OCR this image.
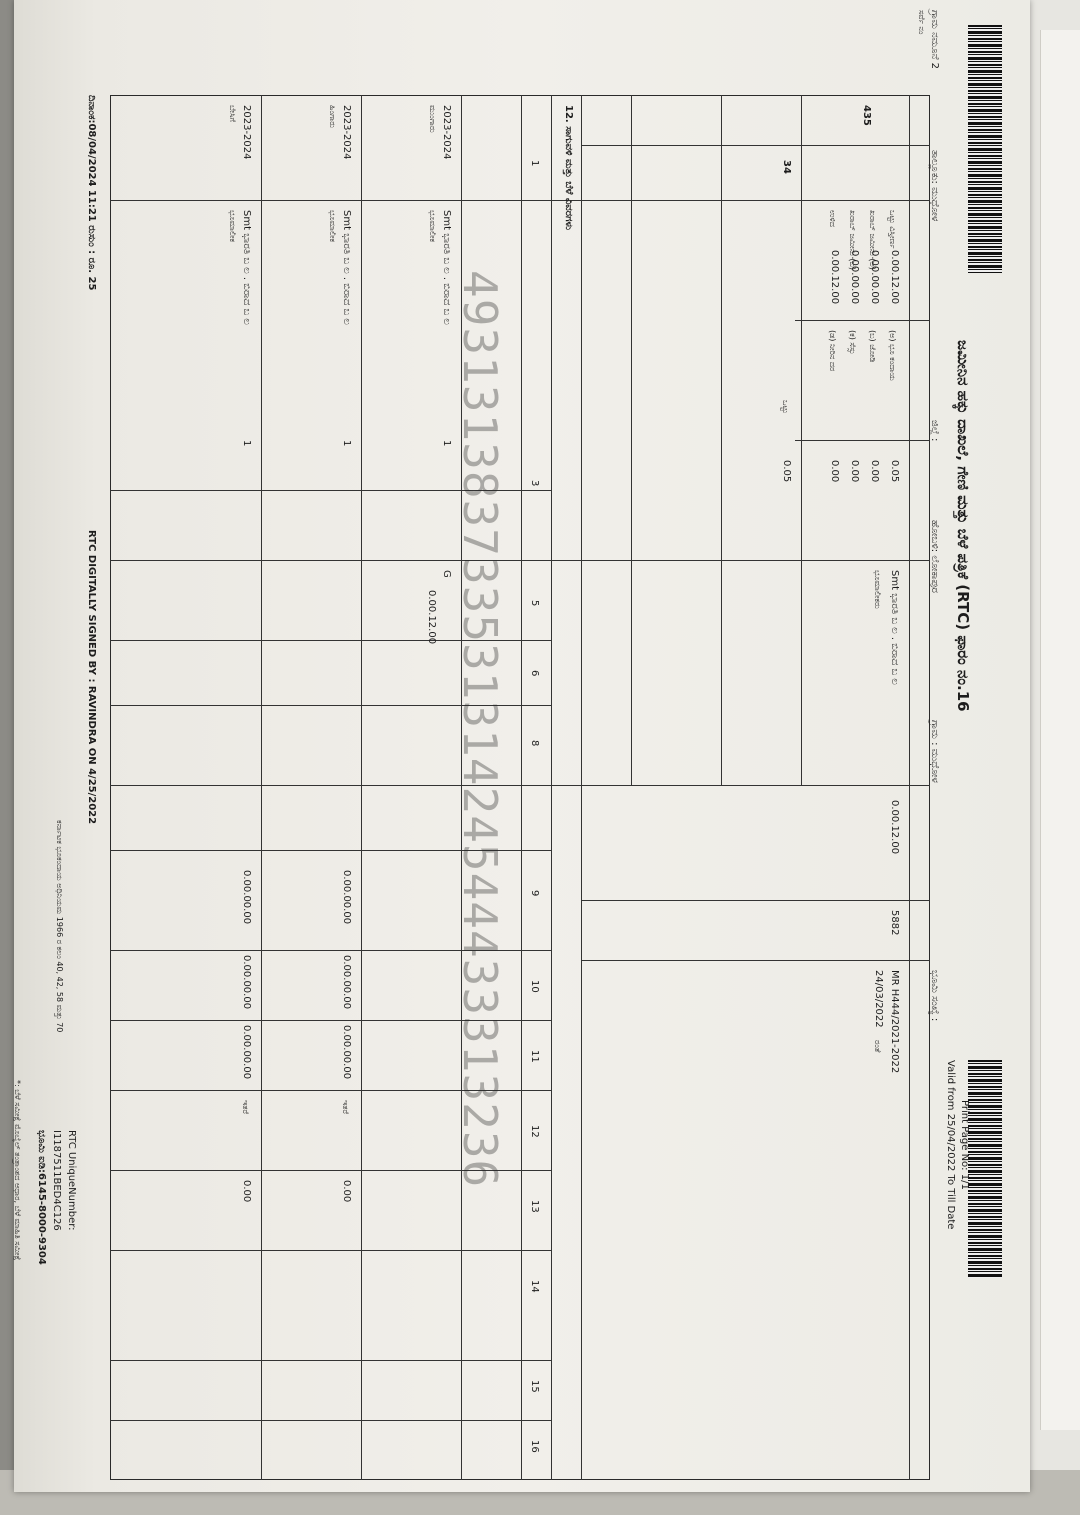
ಗ್ರಾಮ ನಮೂನೆ 2
ಸರ್ವೆ ನಂ
ತಾಲ್ಲೂಕು: ಮುಧೋಳ
ಜಿಲ್ಲೆ :
ಹೋಬಳಿ: ಲೋಕಾಪುರ
ಗ್ರಾಮ : ಮುಧೋಳ
ಜಮೀನಿನ ಹಕ್ಕು ದಾಖಲೆ, ಗೇಣಿ ಮತ್ತು ಬೆಳೆ ಪತ್ರಿಕೆ (RTC) ಫಾರಂ ನಂ.16
Print Page No: 1/1
Valid from 25/04/2022 To Till Date
ಭೂಮಿ ಸಂಖ್ಯೆ :
435
34
ಒಟ್ಟು ವಿಸ್ತೀರ್ಣ
ಖರಾಬ್ ಜಮೀನು (ಅ)
ಖರಾಬ್ ಜಮೀನು (ಬ)
ಉಳಿದ
0.00.12.00
0.00.00.00
0.00.00.00
0.00.12.00
(ಅ) ಭೂ ಕಂದಾಯ
(ಬ) ಜೋಡಿ
(ಕ) ಸೆಸ್ಸು
(ಡ) ನೀರಿನ ದರ
0.05
0.00
0.00
0.00
ಒಟ್ಟು
0.05
Smt ಭಾರತಿ ಬ ಲ . ಬಿರಾದ ಬ ಲ
ಭೂಮಾಲೀಕರು
0.00.12.00
5882
MR H444/2021-2022
24/03/2022
ರಂತೆ
12. ಸಾಗುವಳಿ ಮತ್ತು ಬೆಳೆ ವಿವರಗಳು
1
3
5
6
8
9
10
11
12
13
14
15
16
2023-2024
ಮುಂಗಾರು
Smt ಭಾರತಿ ಬ ಲ . ಬಿರಾದ ಬ ಲ
ಭೂಮಾಲೀಕ
1
G
0.00.12.00
2023-2024
ಹಿಂಗಾರು
Smt ಭಾರತಿ ಬ ಲ . ಬಿರಾದ ಬ ಲ
ಭೂಮಾಲೀಕ
1
0.00.00.00
0.00.00.00
0.00.00.00
ಇತರೆ
0.00
2023-2024
ಬೇಸಿಗೆ
Smt ಭಾರತಿ ಬ ಲ . ಬಿರಾದ ಬ ಲ
ಭೂಮಾಲೀಕ
1
0.00.00.00
0.00.00.00
0.00.00.00
ಇತರೆ
0.00
49313138373353131424544433313236
ದಿನಾಂಕ:08/04/2024 11:21 ರುಸುಂ : ರೂ. 25
RTC DIGITALLY SIGNED BY : RAVINDRA ON 4/25/2022
ಕರ್ನಾಟಕ ಭೂಕಂದಾಯ ಅಧಿನಿಯಮ 1966 ರ ಕಲಂ 40, 42, 58 ಮತ್ತು 70
RTC UniqueNumber:
I1187511BED4C126
ಭೂಮಿ ಐಡಿ:6145-8000-9304
*: ಬೆಳೆ ಸಮೀಕ್ಷೆ ಮೊಬೈಲ್ ತಂತ್ರಾಂಶದ ಆಧಾರ, ಬೆಳೆ ಮಾಹಿತಿ ಸಮೀಕ್ಷೆ
